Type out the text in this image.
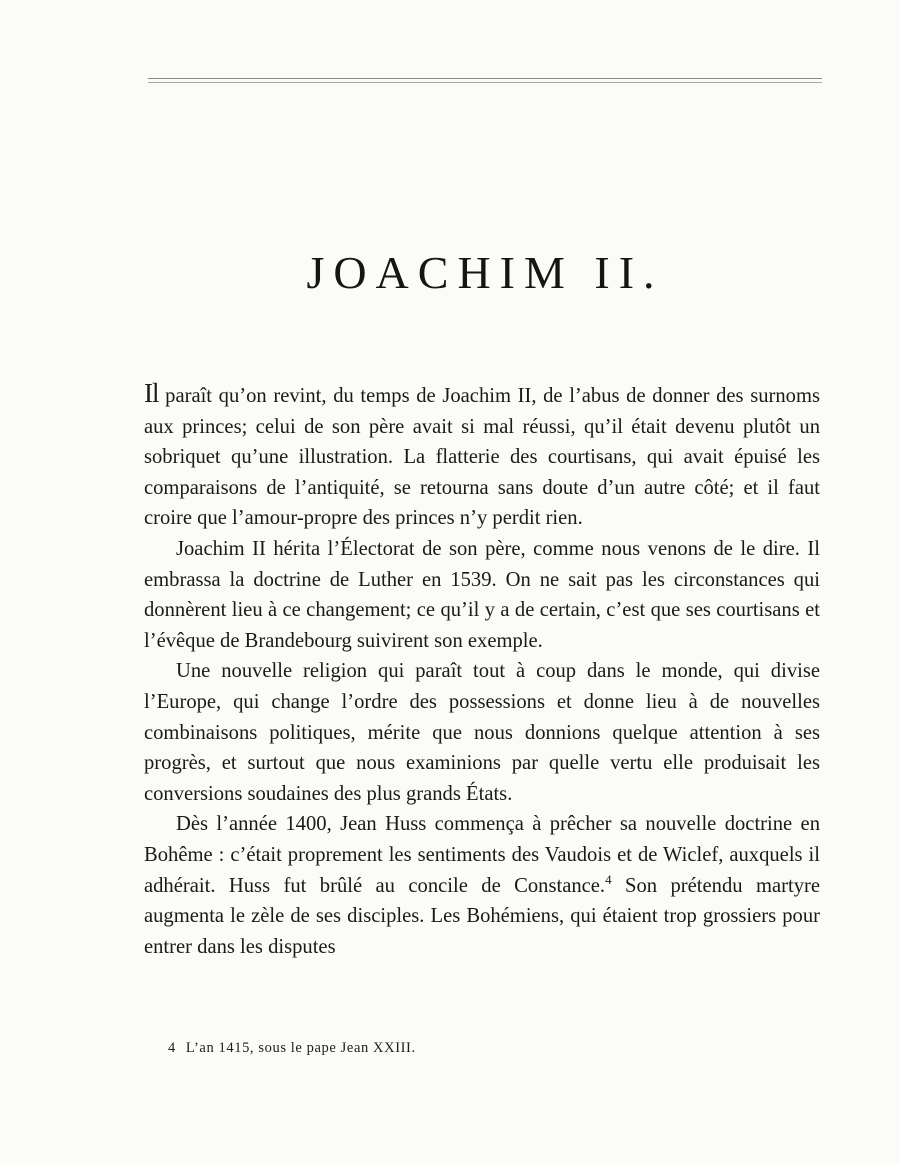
JOACHIM II.

Il paraît qu’on revint, du temps de Joachim II, de l’abus de donner des surnoms aux princes; celui de son père avait si mal réussi, qu’il était devenu plutôt un sobriquet qu’une illustration. La flatterie des courtisans, qui avait épuisé les comparaisons de l’antiquité, se retourna sans doute d’un autre côté; et il faut croire que l’amour-propre des princes n’y perdit rien.

Joachim II hérita l’Électorat de son père, comme nous venons de le dire. Il embrassa la doctrine de Luther en 1539. On ne sait pas les circonstances qui donnèrent lieu à ce changement; ce qu’il y a de certain, c’est que ses courtisans et l’évêque de Brandebourg suivirent son exemple.

Une nouvelle religion qui paraît tout à coup dans le monde, qui divise l’Europe, qui change l’ordre des possessions et donne lieu à de nouvelles combinaisons politiques, mérite que nous donnions quelque attention à ses progrès, et surtout que nous examinions par quelle vertu elle produisait les conversions soudaines des plus grands États.

Dès l’année 1400, Jean Huss commença à prêcher sa nouvelle doctrine en Bohême : c’était proprement les sentiments des Vaudois et de Wiclef, auxquels il adhérait. Huss fut brûlé au concile de Constance.$^4$ Son prétendu martyre augmenta le zèle de ses disciples. Les Bohémiens, qui étaient trop grossiers pour entrer dans les disputes

4 L’an 1415, sous le pape Jean XXIII.
